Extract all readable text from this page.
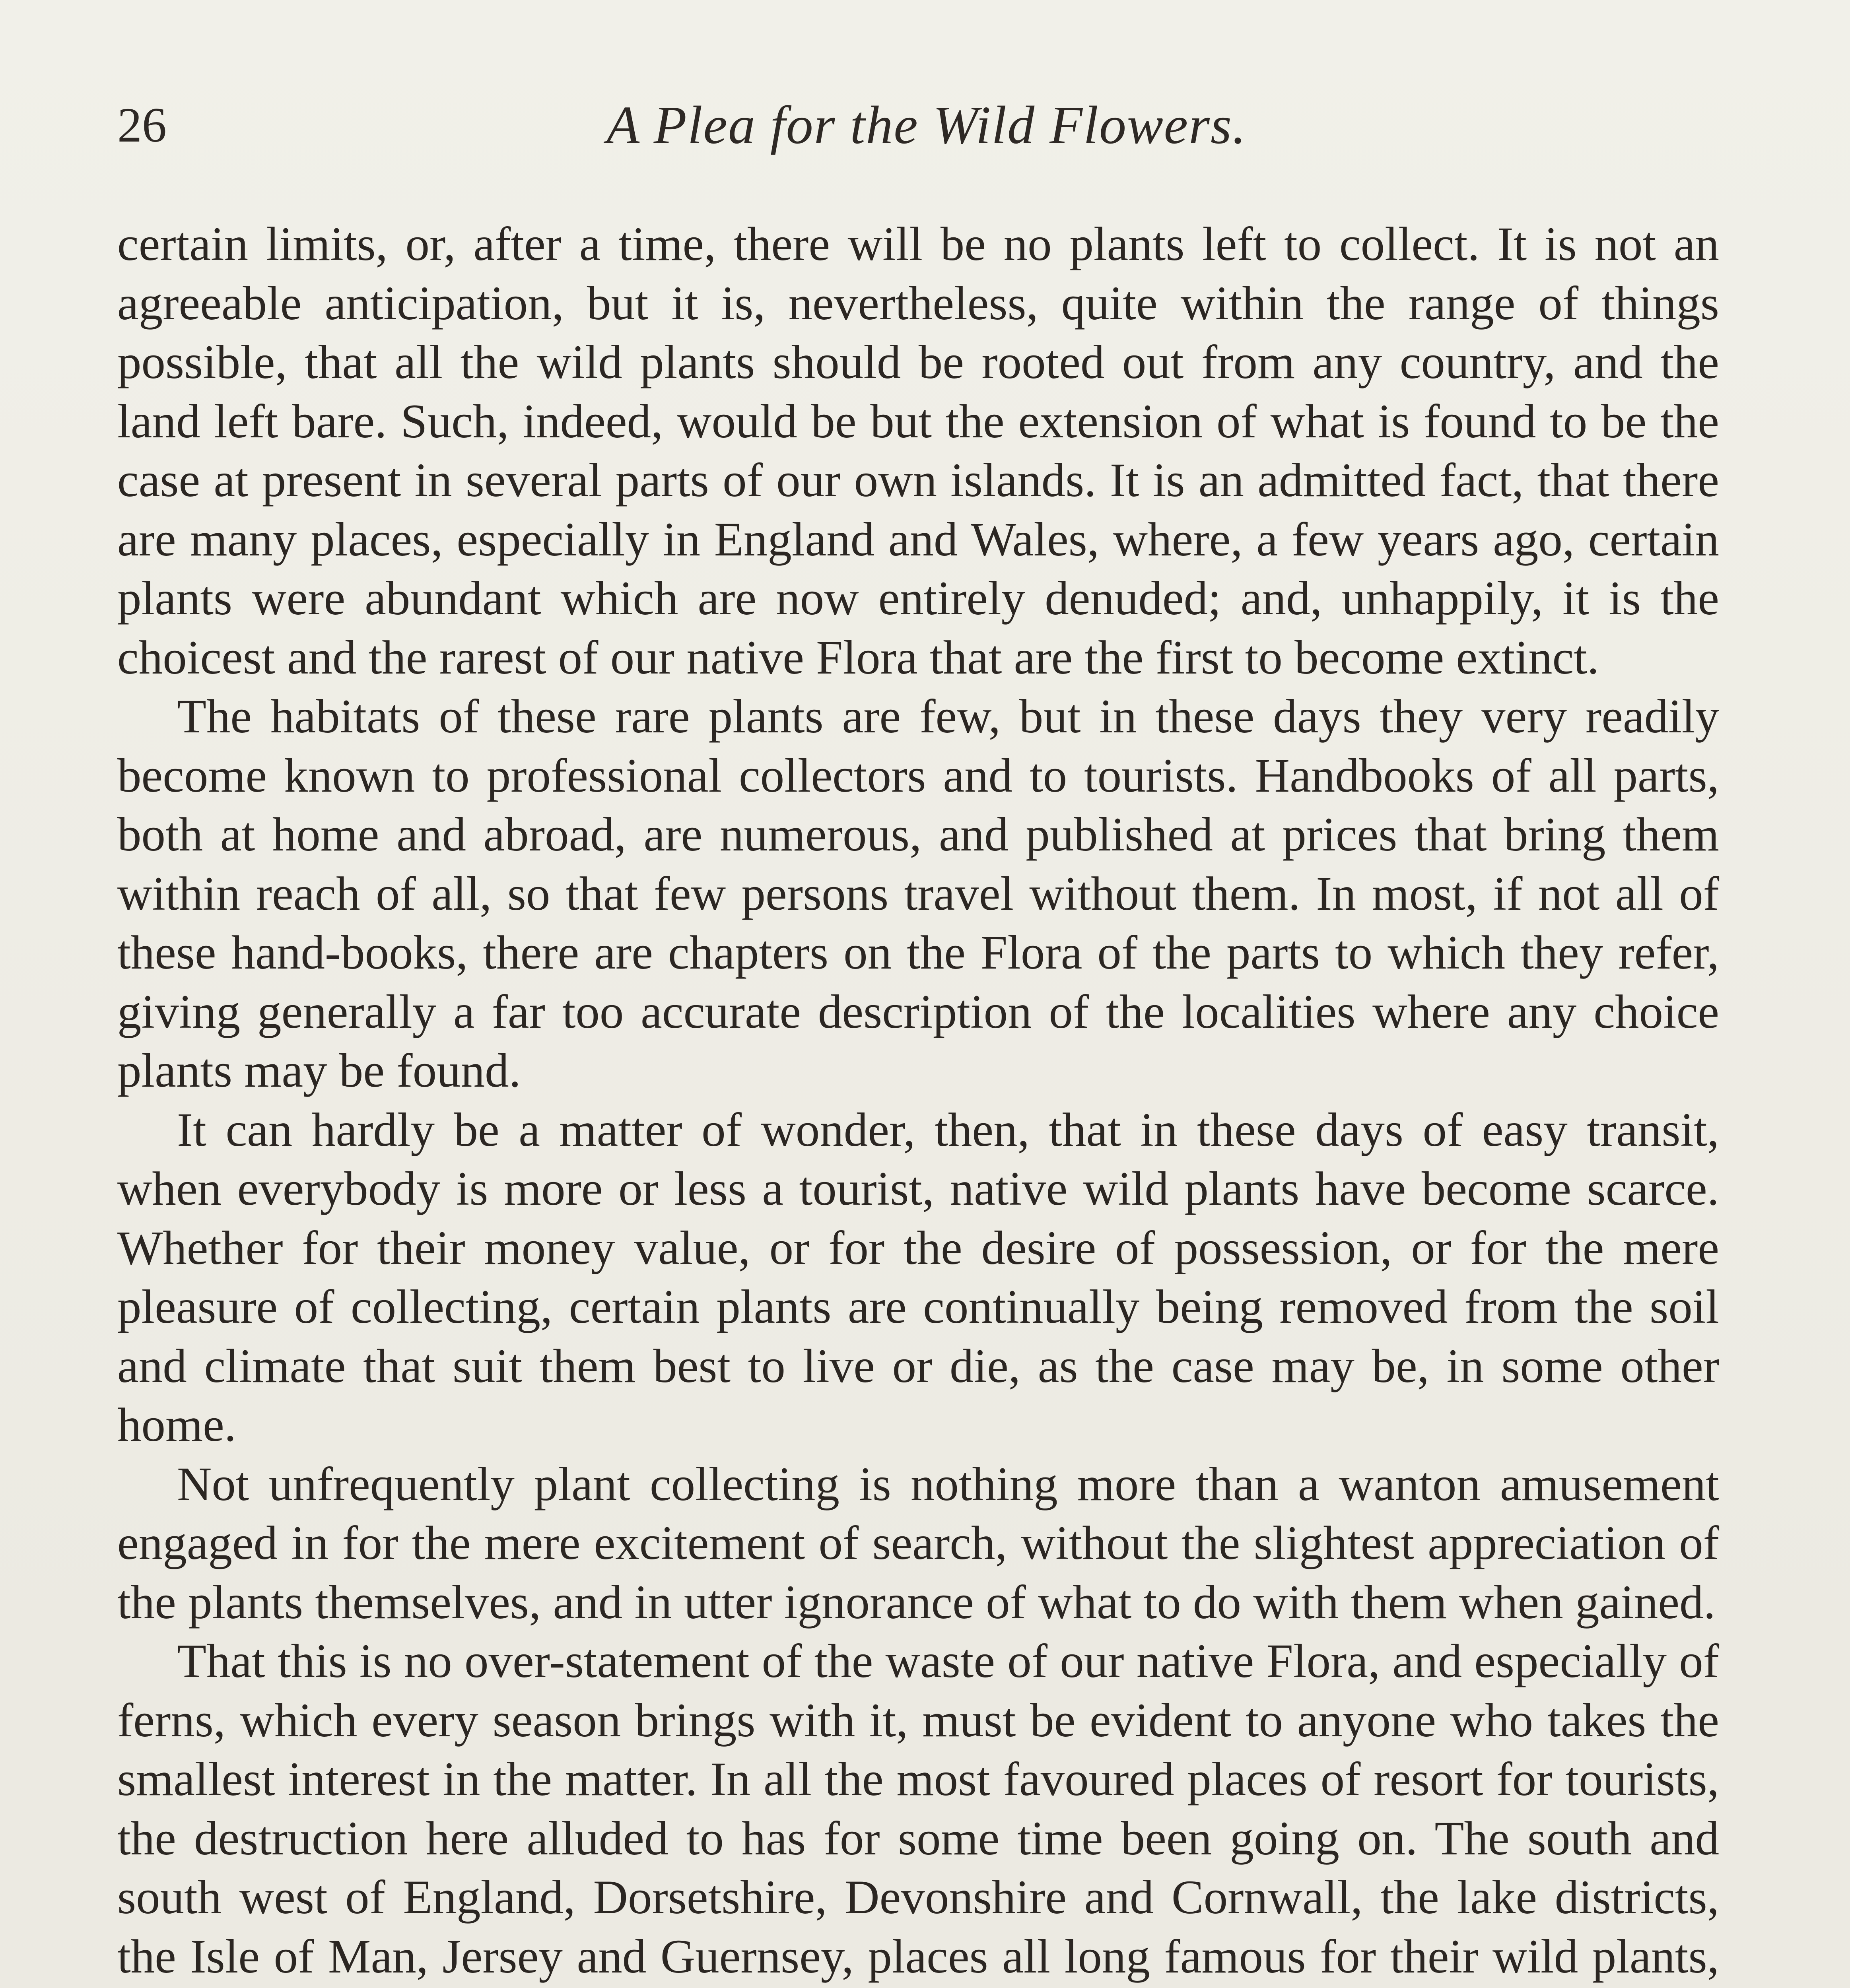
26	A Plea for the Wild Flowers.

certain limits, or, after a time, there will be no plants left to collect. It is not an agreeable anticipation, but it is, nevertheless, quite within the range of things possible, that all the wild plants should be rooted out from any country, and the land left bare. Such, indeed, would be but the extension of what is found to be the case at present in several parts of our own islands. It is an admitted fact, that there are many places, especially in England and Wales, where, a few years ago, certain plants were abundant which are now entirely denuded; and, unhappily, it is the choicest and the rarest of our native Flora that are the first to become extinct.

The habitats of these rare plants are few, but in these days they very readily become known to professional collectors and to tourists. Handbooks of all parts, both at home and abroad, are numerous, and published at prices that bring them within reach of all, so that few persons travel without them. In most, if not all of these hand-books, there are chapters on the Flora of the parts to which they refer, giving generally a far too accurate description of the localities where any choice plants may be found.

It can hardly be a matter of wonder, then, that in these days of easy transit, when everybody is more or less a tourist, native wild plants have become scarce. Whether for their money value, or for the desire of possession, or for the mere pleasure of collecting, certain plants are continually being removed from the soil and climate that suit them best to live or die, as the case may be, in some other home.

Not unfrequently plant collecting is nothing more than a wanton amusement engaged in for the mere excitement of search, without the slightest appreciation of the plants themselves, and in utter ignorance of what to do with them when gained.

That this is no over-statement of the waste of our native Flora, and especially of ferns, which every season brings with it, must be evident to anyone who takes the smallest interest in the matter. In all the most favoured places of resort for tourists, the destruction here alluded to has for some time been going on. The south and south west of England, Dorsetshire, Devonshire and Cornwall, the lake districts, the Isle of Man, Jersey and Guernsey, places all long famous for their wild plants,
